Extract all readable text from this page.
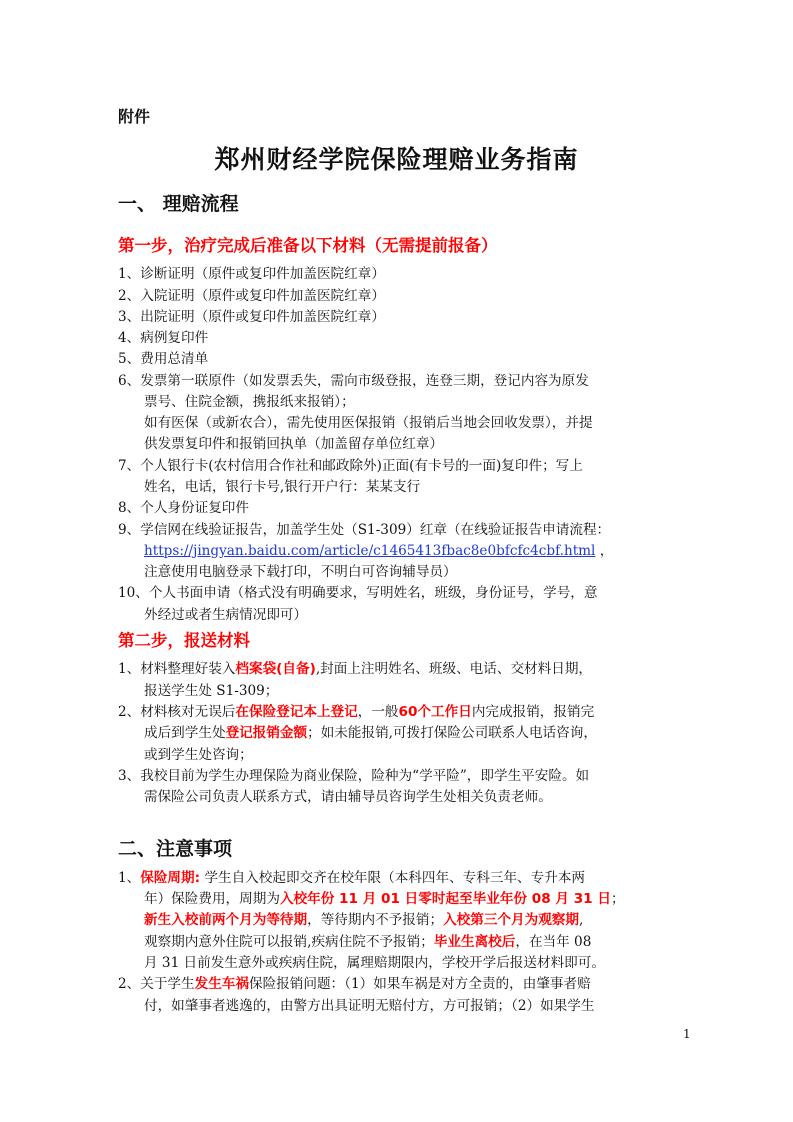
附件
郑州财经学院保险理赔业务指南
一、 理赔流程
第一步，治疗完成后准备以下材料（无需提前报备）
1、诊断证明（原件或复印件加盖医院红章）
2、入院证明（原件或复印件加盖医院红章）
3、出院证明（原件或复印件加盖医院红章）
4、病例复印件
5、费用总清单
6、发票第一联原件（如发票丢失，需向市级登报，连登三期，登记内容为原发
票号、住院金额，携报纸来报销）；
如有医保（或新农合），需先使用医保报销（报销后当地会回收发票），并提
供发票复印件和报销回执单（加盖留存单位红章）
7、个人银行卡(农村信用合作社和邮政除外)正面(有卡号的一面)复印件；写上
姓名，电话，银行卡号,银行开户行：某某支行
8、个人身份证复印件
9、学信网在线验证报告，加盖学生处（S1-309）红章（在线验证报告申请流程：
https://jingyan.baidu.com/article/c1465413fbac8e0bfcfc4cbf.html ，
注意使用电脑登录下载打印，不明白可咨询辅导员）
10、个人书面申请（格式没有明确要求，写明姓名，班级，身份证号，学号，意
外经过或者生病情况即可）
第二步，报送材料
1、材料整理好装入档案袋(自备),封面上注明姓名、班级、电话、交材料日期，
报送学生处 S1-309；
2、材料核对无误后在保险登记本上登记，一般60个工作日内完成报销，报销完
成后到学生处登记报销金额；如未能报销,可拨打保险公司联系人电话咨询，
或到学生处咨询；
3、我校目前为学生办理保险为商业保险，险种为“学平险”，即学生平安险。如
需保险公司负责人联系方式，请由辅导员咨询学生处相关负责老师。
二、注意事项
1、保险周期: 学生自入校起即交齐在校年限（本科四年、专科三年、专升本两
年）保险费用，周期为入校年份 11 月 01 日零时起至毕业年份 08 月 31 日；
新生入校前两个月为等待期，等待期内不予报销；入校第三个月为观察期,
观察期内意外住院可以报销,疾病住院不予报销；毕业生离校后，在当年 08
月 31 日前发生意外或疾病住院，属理赔期限内，学校开学后报送材料即可。
2、关于学生发生车祸保险报销问题：（1）如果车祸是对方全责的，由肇事者赔
付，如肇事者逃逸的，由警方出具证明无赔付方，方可报销；（2）如果学生
1
